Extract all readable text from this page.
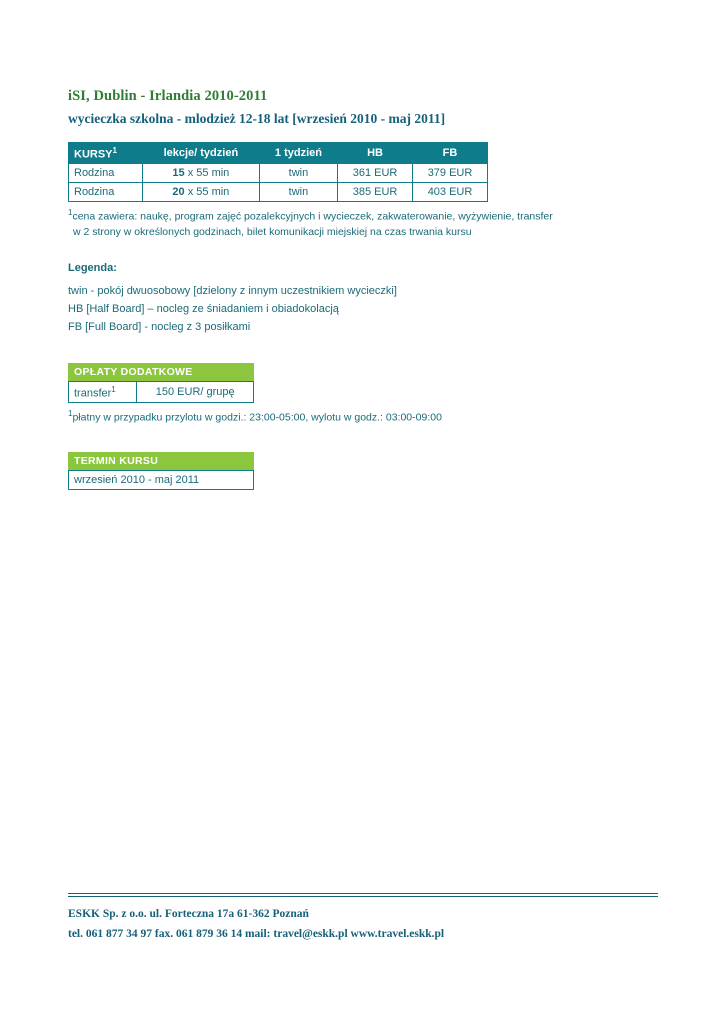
iSI, Dublin - Irlandia 2010-2011
wycieczka szkolna - mlodzież 12-18 lat [wrzesień 2010 - maj 2011]
KURSY$^1$	lekcje/ tydzień	1 tydzień	HB	FB
Rodzina	15 x 55 min	twin	361 EUR	379 EUR
Rodzina	20 x 55 min	twin	385 EUR	403 EUR

$^1$cena zawiera: naukę, program zajęć pozalekcyjnych i wycieczek, zakwaterowanie, wyżywienie, transfer
w 2 strony w określonych godzinach, bilet komunikacji miejskiej na czas trwania kursu

Legenda:
twin - pokój dwuosobowy [dzielony z innym uczestnikiem wycieczki]
HB [Half Board] – nocleg ze śniadaniem i obiadokolacją
FB [Full Board] - nocleg z 3 posiłkami
OPŁATY DODATKOWE
transfer$^1$	150 EUR/ grupę

$^1$płatny w przypadku przylotu w godzi.: 23:00-05:00, wylotu w godz.: 03:00-09:00

TERMIN KURSU
wrzesień 2010 - maj 2011
ESKK Sp. z o.o. ul. Forteczna 17a 61-362 Poznań
tel. 061 877 34 97 fax. 061 879 36 14 mail: travel@eskk.pl www.travel.eskk.pl
